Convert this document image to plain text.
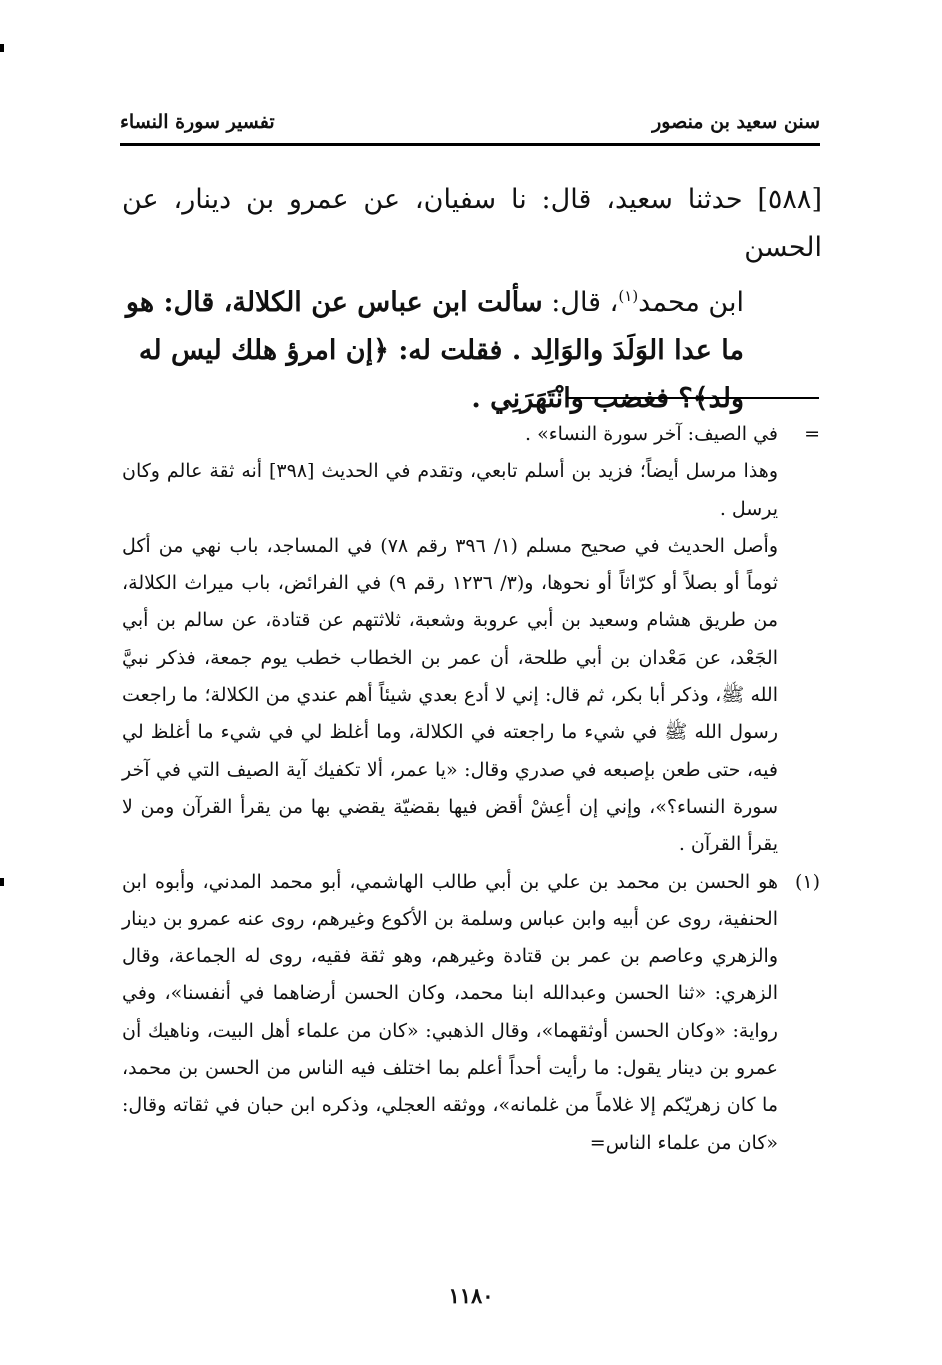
سنن سعيد بن منصور
تفسير سورة النساء
[٥٨٨] حدثنا سعيد، قال: نا سفيان، عن عمرو بن دينار، عن الحسن
ابن محمد$^{(١)}$، قال: سألت ابن عباس عن الكلالة، قال: هو
ما عدا الوَلَدَ والوَالِد . فقلت له: ﴿إن امرؤ هلك ليس له
ولد﴾؟ فغضب وانْتَهَرَنِي .
=

في الصيف: آخر سورة النساء» .

وهذا مرسل أيضاً؛ فزيد بن أسلم تابعي، وتقدم في الحديث [٣٩٨] أنه ثقة عالم وكان يرسل .

وأصل الحديث في صحيح مسلم (١/ ٣٩٦ رقم ٧٨) في المساجد، باب نهي من أكل ثوماً أو بصلاً أو كرّاثاً أو نحوها، و(٣/ ١٢٣٦ رقم ٩) في الفرائض، باب ميراث الكلالة، من طريق هشام وسعيد بن أبي عروبة وشعبة، ثلاثتهم عن قتادة، عن سالم بن أبي الجَعْد، عن مَعْدان بن أبي طلحة، أن عمر بن الخطاب خطب يوم جمعة، فذكر نبيَّ الله ﷺ، وذكر أبا بكر، ثم قال: إني لا أدع بعدي شيئاً أهم عندي من الكلالة؛ ما راجعت رسول الله ﷺ في شيء ما راجعته في الكلالة، وما أغلظ لي في شيء ما أغلظ لي فيه، حتى طعن بإصبعه في صدري وقال: «يا عمر، ألا تكفيك آية الصيف التي في آخر سورة النساء؟»، وإني إن أعِشْ أقض فيها بقضيّة يقضي بها من يقرأ القرآن ومن لا يقرأ القرآن .

(١)

هو الحسن بن محمد بن علي بن أبي طالب الهاشمي، أبو محمد المدني، وأبوه ابن الحنفية، روى عن أبيه وابن عباس وسلمة بن الأكوع وغيرهم، روى عنه عمرو بن دينار والزهري وعاصم بن عمر بن قتادة وغيرهم، وهو ثقة فقيه، روى له الجماعة، وقال الزهري: «ثنا الحسن وعبدالله ابنا محمد، وكان الحسن أرضاهما في أنفسنا»، وفي رواية: «وكان الحسن أوثقهما»، وقال الذهبي: «كان من علماء أهل البيت، وناهيك أن عمرو بن دينار يقول: ما رأيت أحداً أعلم بما اختلف فيه الناس من الحسن بن محمد، ما كان زهريّكم إلا غلاماً من غلمانه»، ووثقه العجلي، وذكره ابن حبان في ثقاته وقال: «كان من علماء الناس=

١١٨٠
